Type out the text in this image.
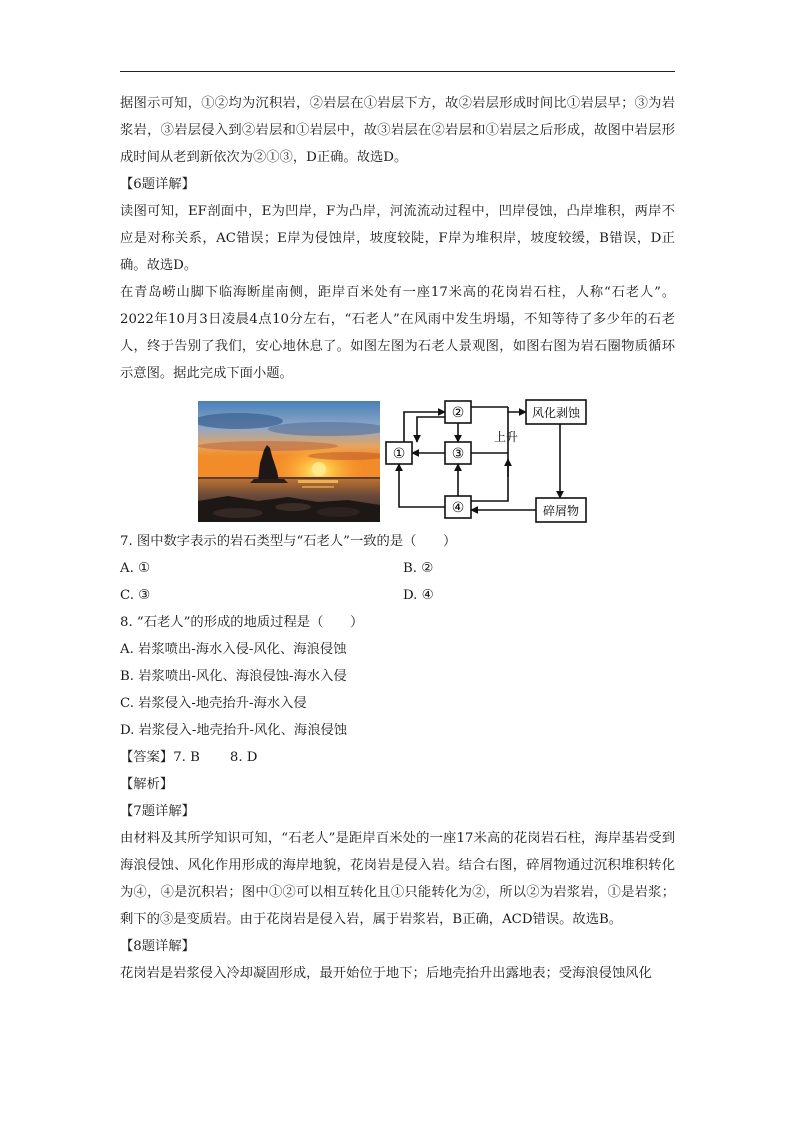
据图示可知，①②均为沉积岩，②岩层在①岩层下方，故②岩层形成时间比①岩层早；③为岩浆岩，③岩层侵入到②岩层和①岩层中，故③岩层在②岩层和①岩层之后形成，故图中岩层形成时间从老到新依次为②①③，D正确。故选D。

【6题详解】

读图可知，EF剖面中，E为凹岸，F为凸岸，河流流动过程中，凹岸侵蚀，凸岸堆积，两岸不应是对称关系，AC错误；E岸为侵蚀岸，坡度较陡，F岸为堆积岸，坡度较缓，B错误，D正确。故选D。

在青岛崂山脚下临海断崖南侧，距岸百米处有一座17米高的花岗岩石柱，人称“石老人”。2022年10月3日凌晨4点10分左右，“石老人”在风雨中发生坍塌，不知等待了多少年的石老人，终于告别了我们，安心地休息了。如图左图为石老人景观图，如图右图为岩石圈物质循环示意图。据此完成下面小题。

②
①	③
④
风化剥蚀
碎屑物
上升

7. 图中数字表示的岩石类型与“石老人”一致的是（　　）

A. ①	B. ②
C. ③	D. ④

8. “石老人”的形成的地质过程是（　　）

A. 岩浆喷出-海水入侵-风化、海浪侵蚀

B. 岩浆喷出-风化、海浪侵蚀-海水入侵

C. 岩浆侵入-地壳抬升-海水入侵

D. 岩浆侵入-地壳抬升-风化、海浪侵蚀

【答案】7. B 8. D

【解析】

【7题详解】

由材料及其所学知识可知，“石老人”是距岸百米处的一座17米高的花岗岩石柱，海岸基岩受到海浪侵蚀、风化作用形成的海岸地貌，花岗岩是侵入岩。结合右图，碎屑物通过沉积堆积转化为④，④是沉积岩；图中①②可以相互转化且①只能转化为②，所以②为岩浆岩，①是岩浆；剩下的③是变质岩。由于花岗岩是侵入岩，属于岩浆岩，B正确，ACD错误。故选B。

【8题详解】

花岗岩是岩浆侵入冷却凝固形成，最开始位于地下；后地壳抬升出露地表；受海浪侵蚀风化
